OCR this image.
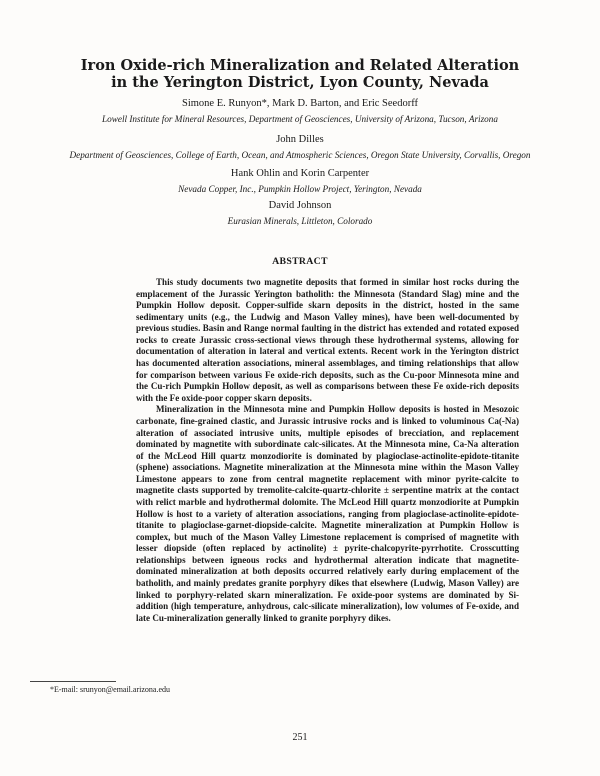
Iron Oxide-rich Mineralization and Related Alteration
in the Yerington District, Lyon County, Nevada

Simone E. Runyon*, Mark D. Barton, and Eric Seedorff

Lowell Institute for Mineral Resources, Department of Geosciences, University of Arizona, Tucson, Arizona

John Dilles

Department of Geosciences, College of Earth, Ocean, and Atmospheric Sciences, Oregon State University, Corvallis, Oregon

Hank Ohlin and Korin Carpenter

Nevada Copper, Inc., Pumpkin Hollow Project, Yerington, Nevada

David Johnson

Eurasian Minerals, Littleton, Colorado

ABSTRACT

This study documents two magnetite deposits that formed in similar host rocks during the emplacement of the Jurassic Yerington batholith: the Minnesota (Standard Slag) mine and the Pumpkin Hollow deposit. Copper-sulfide skarn deposits in the district, hosted in the same sedimentary units (e.g., the Ludwig and Mason Valley mines), have been well-documented by previous studies. Basin and Range normal faulting in the district has extended and rotated exposed rocks to create Jurassic cross-sectional views through these hydrothermal systems, allowing for documentation of alteration in lateral and vertical extents. Recent work in the Yerington district has documented alteration associations, mineral assemblages, and timing relationships that allow for comparison between various Fe oxide-rich deposits, such as the Cu-poor Minnesota mine and the Cu-rich Pumpkin Hollow deposit, as well as comparisons between these Fe oxide-rich deposits with the Fe oxide-poor copper skarn deposits.

Mineralization in the Minnesota mine and Pumpkin Hollow deposits is hosted in Mesozoic carbonate, fine-grained clastic, and Jurassic intrusive rocks and is linked to voluminous Ca(-Na) alteration of associated intrusive units, multiple episodes of brecciation, and replacement dominated by magnetite with subordinate calc-silicates. At the Minnesota mine, Ca-Na alteration of the McLeod Hill quartz monzodiorite is dominated by plagioclase-actinolite-epidote-titanite (sphene) associations. Magnetite mineralization at the Minnesota mine within the Mason Valley Limestone appears to zone from central magnetite replacement with minor pyrite-calcite to magnetite clasts supported by tremolite-calcite-quartz-chlorite ± serpentine matrix at the contact with relict marble and hydrothermal dolomite. The McLeod Hill quartz monzodiorite at Pumpkin Hollow is host to a variety of alteration associations, ranging from plagioclase-actinolite-epidote-titanite to plagioclase-garnet-diopside-calcite. Magnetite mineralization at Pumpkin Hollow is complex, but much of the Mason Valley Limestone replacement is comprised of magnetite with lesser diopside (often replaced by actinolite) ± pyrite-chalcopyrite-pyrrhotite. Crosscutting relationships between igneous rocks and hydrothermal alteration indicate that magnetite-dominated mineralization at both deposits occurred relatively early during emplacement of the batholith, and mainly predates granite porphyry dikes that elsewhere (Ludwig, Mason Valley) are linked to porphyry-related skarn mineralization. Fe oxide-poor systems are dominated by Si-addition (high temperature, anhydrous, calc-silicate mineralization), low volumes of Fe-oxide, and late Cu-mineralization generally linked to granite porphyry dikes.

*E-mail: srunyon@email.arizona.edu

251
